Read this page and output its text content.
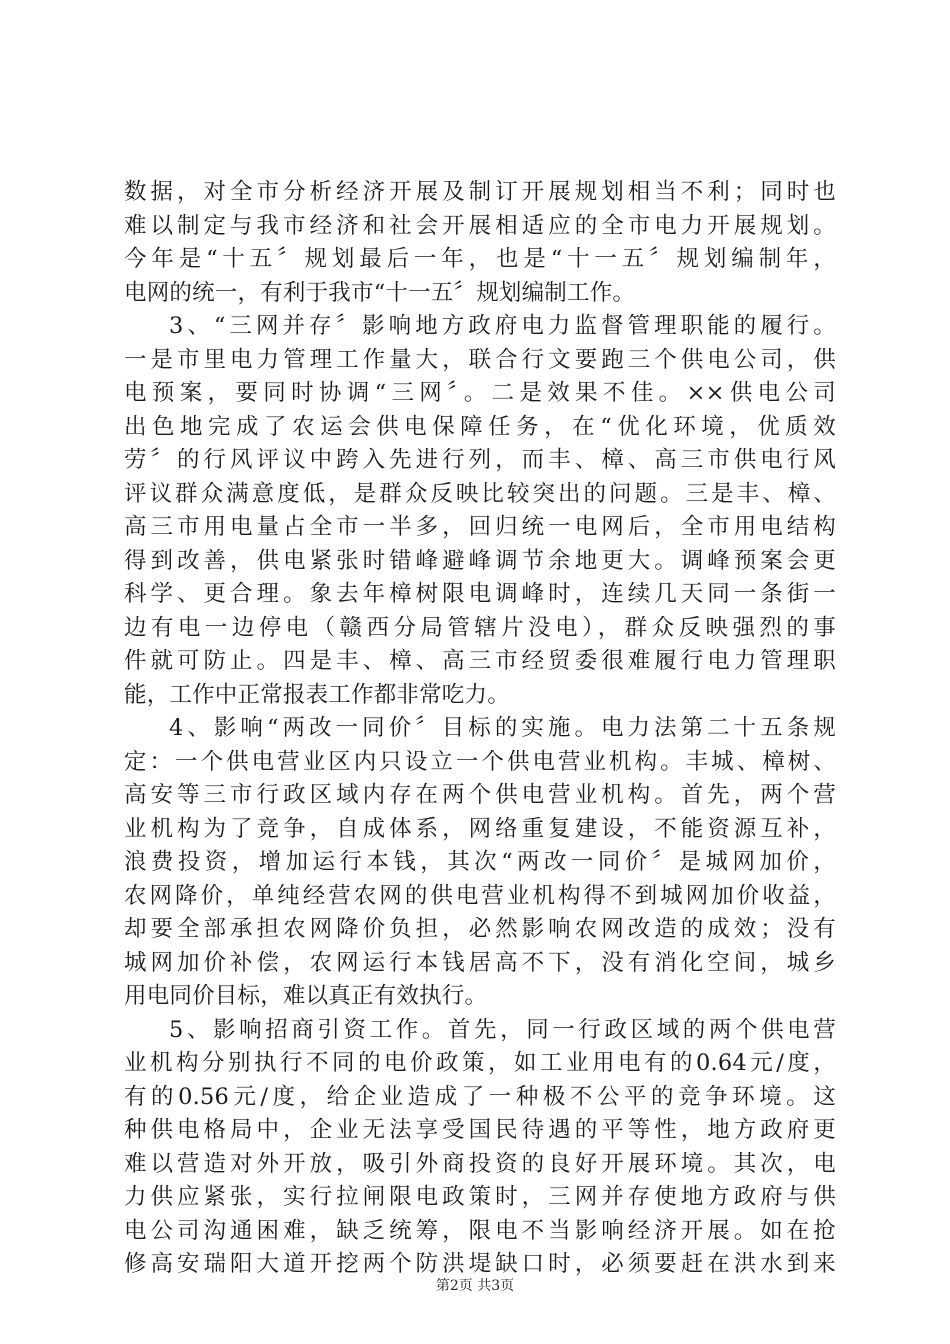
数据，对全市分析经济开展及制订开展规划相当不利；同时也
难以制定与我市经济和社会开展相适应的全市电力开展规划。
今年是“十五〞规划最后一年，也是“十一五〞规划编制年，
电网的统一，有利于我市“十一五〞规划编制工作。
3、“三网并存〞影响地方政府电力监督管理职能的履行。
一是市里电力管理工作量大，联合行文要跑三个供电公司，供
电预案，要同时协调“三网〞。二是效果不佳。××供电公司
出色地完成了农运会供电保障任务，在“优化环境，优质效
劳〞的行风评议中跨入先进行列，而丰、樟、高三市供电行风
评议群众满意度低，是群众反映比较突出的问题。三是丰、樟、
高三市用电量占全市一半多，回归统一电网后，全市用电结构
得到改善，供电紧张时错峰避峰调节余地更大。调峰预案会更
科学、更合理。象去年樟树限电调峰时，连续几天同一条街一
边有电一边停电（赣西分局管辖片没电），群众反映强烈的事
件就可防止。四是丰、樟、高三市经贸委很难履行电力管理职
能，工作中正常报表工作都非常吃力。
4、影响“两改一同价〞目标的实施。电力法第二十五条规
定：一个供电营业区内只设立一个供电营业机构。丰城、樟树、
高安等三市行政区域内存在两个供电营业机构。首先，两个营
业机构为了竞争，自成体系，网络重复建设，不能资源互补，
浪费投资，增加运行本钱，其次“两改一同价〞是城网加价，
农网降价，单纯经营农网的供电营业机构得不到城网加价收益，
却要全部承担农网降价负担，必然影响农网改造的成效；没有
城网加价补偿，农网运行本钱居高不下，没有消化空间，城乡
用电同价目标，难以真正有效执行。
5、影响招商引资工作。首先，同一行政区域的两个供电营
业机构分别执行不同的电价政策，如工业用电有的0.64元/度，
有的0.56元/度，给企业造成了一种极不公平的竞争环境。这
种供电格局中，企业无法享受国民待遇的平等性，地方政府更
难以营造对外开放，吸引外商投资的良好开展环境。其次，电
力供应紧张，实行拉闸限电政策时，三网并存使地方政府与供
电公司沟通困难，缺乏统筹，限电不当影响经济开展。如在抢
修高安瑞阳大道开挖两个防洪堤缺口时，必须要赶在洪水到来
第2页 共3页
